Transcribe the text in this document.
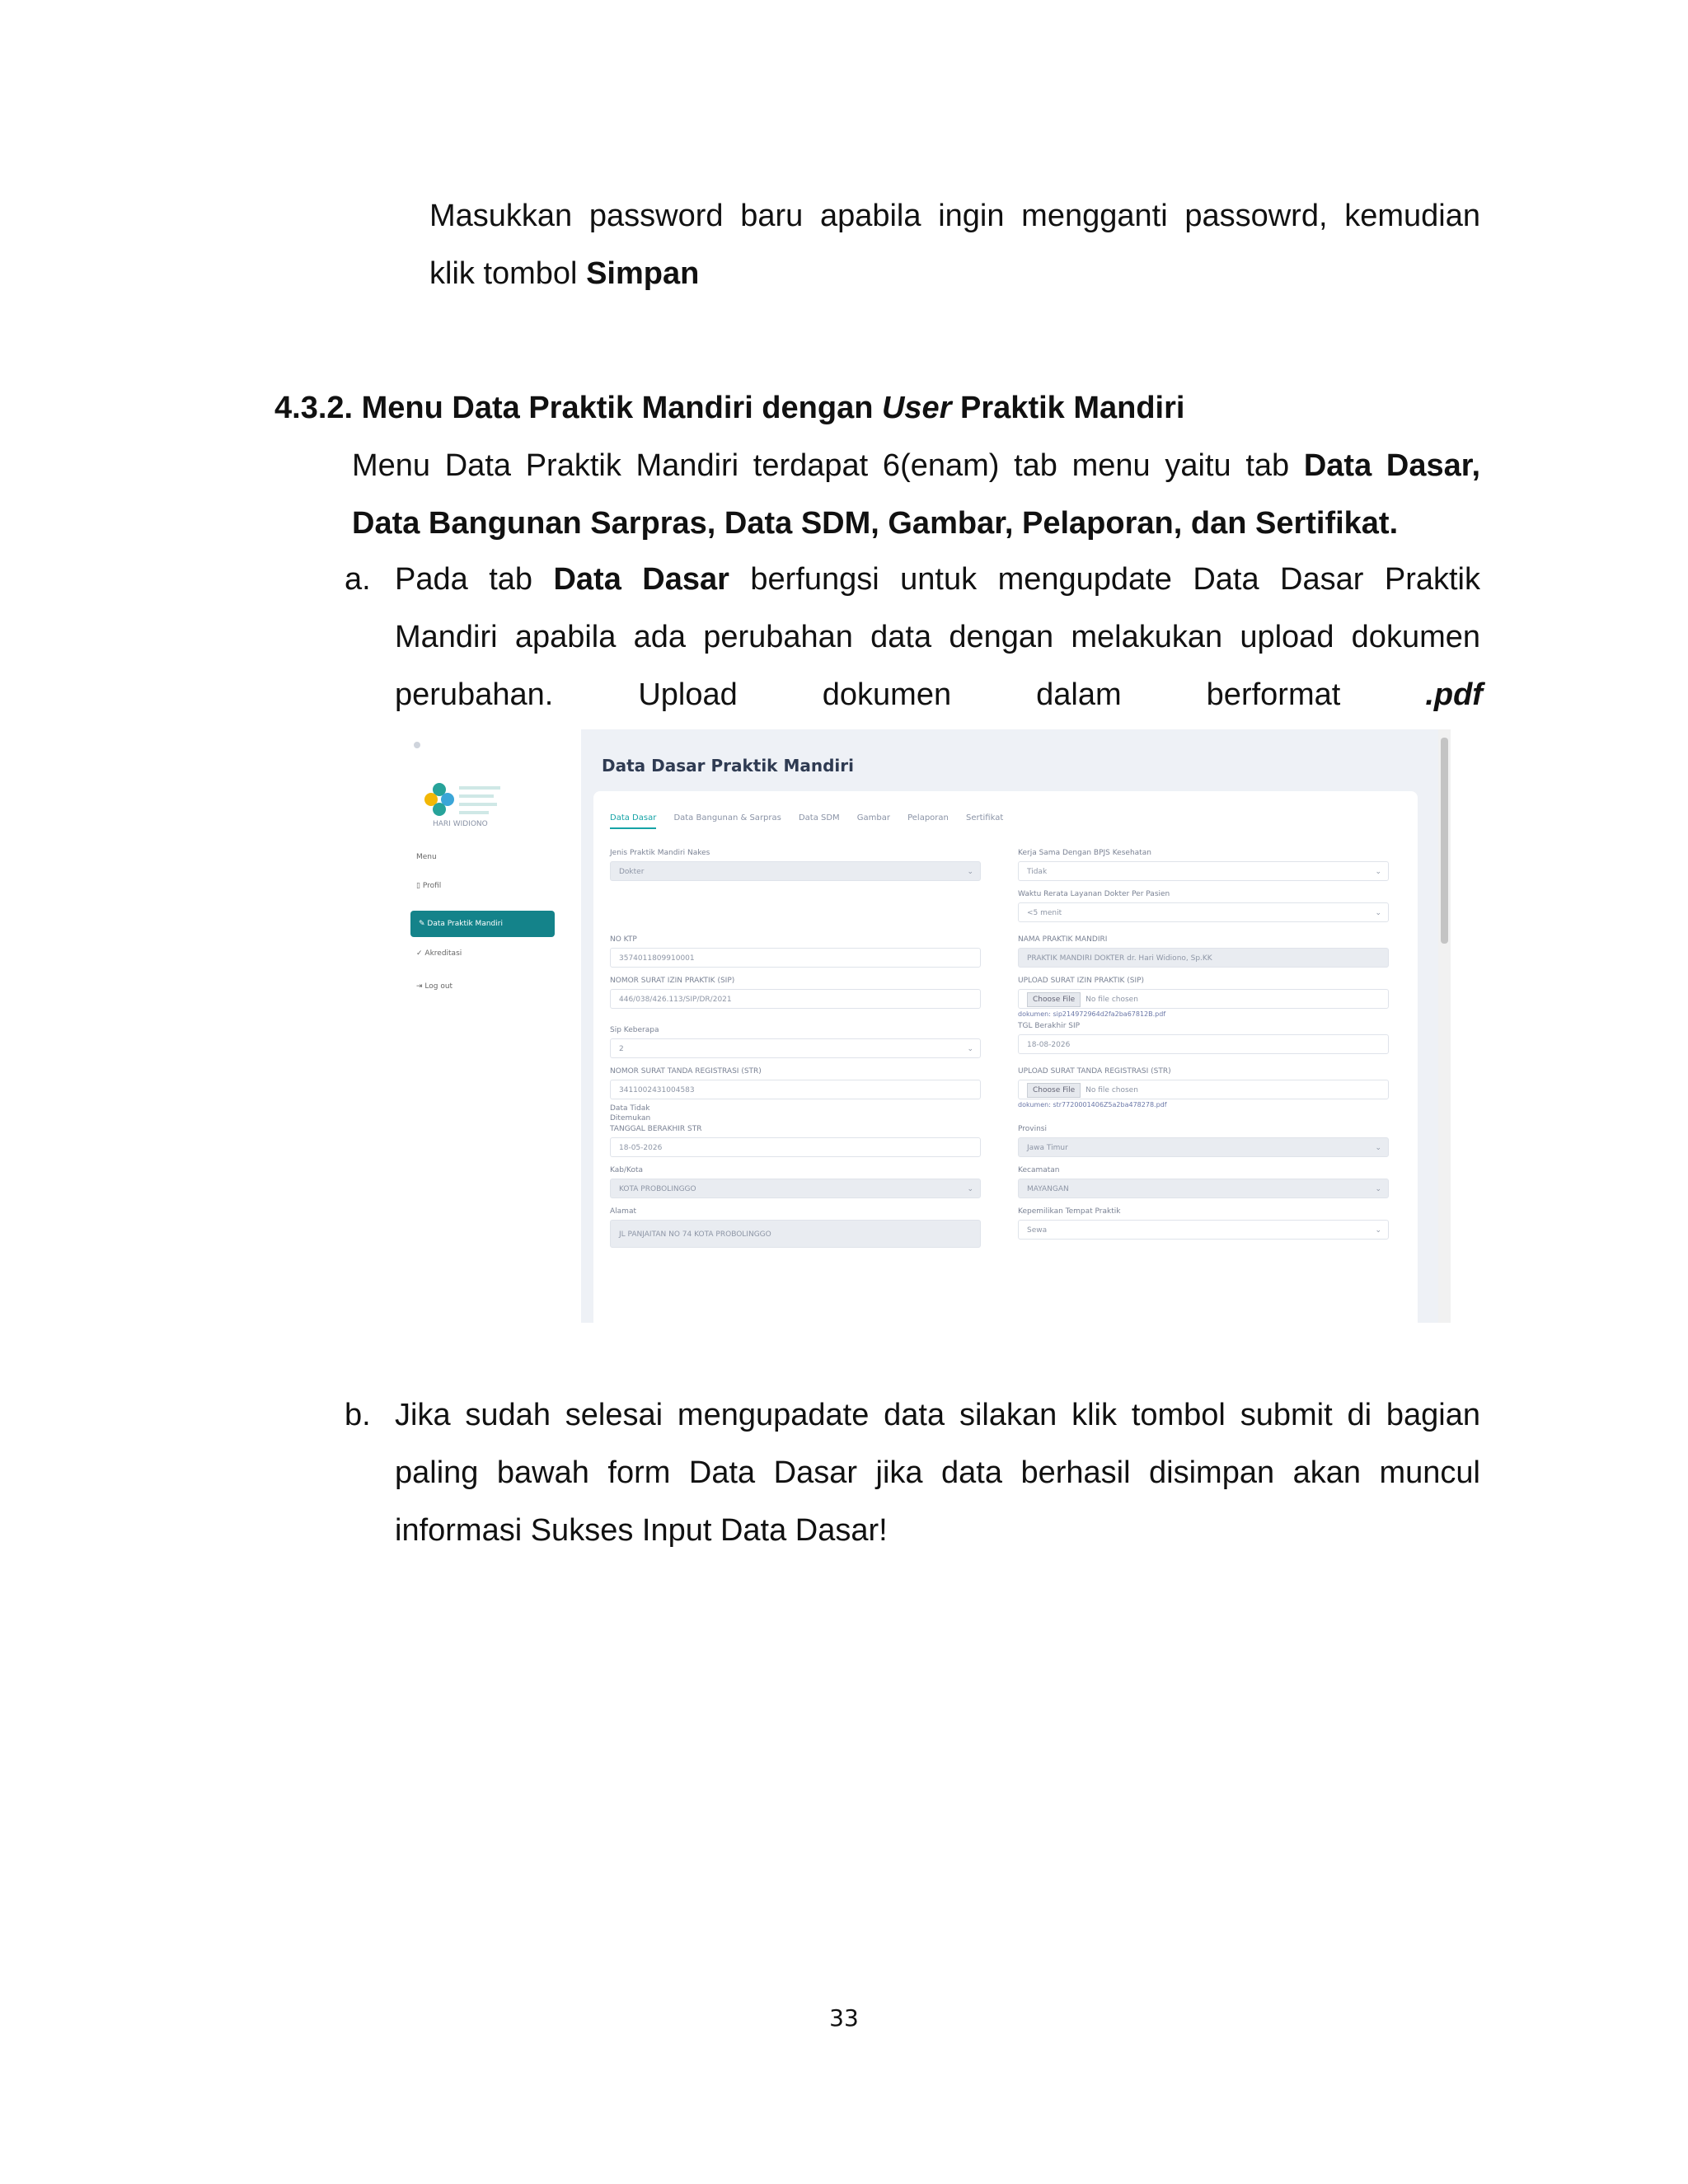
Masukkan password baru apabila ingin mengganti passowrd, kemudian
klik tombol Simpan
4.3.2. Menu Data Praktik Mandiri dengan User Praktik Mandiri
Menu Data Praktik Mandiri terdapat 6(enam) tab menu yaitu tab Data Dasar,
Data Bangunan Sarpras, Data SDM, Gambar, Pelaporan, dan Sertifikat.
a. Pada tab Data Dasar berfungsi untuk mengupdate Data Dasar Praktik
Mandiri apabila ada perubahan data dengan melakukan upload dokumen
perubahan.	Upload	dokumen	dalam	berformat	.pdf
HARI WIDIONO
Menu
▯ Profil
✎ Data Praktik Mandiri
✓ Akreditasi
⇥ Log out
Data Dasar Praktik Mandiri
Data Dasar Data Bangunan & Sarpras Data SDM Gambar Pelaporan Sertifikat
Jenis Praktik Mandiri Nakes
Dokter	⌄
NO KTP
3574011809910001
NOMOR SURAT IZIN PRAKTIK (SIP)
446/038/426.113/SIP/DR/2021
Sip Keberapa
2	⌄
NOMOR SURAT TANDA REGISTRASI (STR)
3411002431004583
Data Tidak
Ditemukan
TANGGAL BERAKHIR STR
18-05-2026
Kab/Kota
KOTA PROBOLINGGO	⌄
Alamat
JL PANJAITAN NO 74 KOTA PROBOLINGGO
Kerja Sama Dengan BPJS Kesehatan
Tidak	⌄
Waktu Rerata Layanan Dokter Per Pasien
<5 menit	⌄
NAMA PRAKTIK MANDIRI
PRAKTIK MANDIRI DOKTER dr. Hari Widiono, Sp.KK
UPLOAD SURAT IZIN PRAKTIK (SIP)
Choose File No file chosen
dokumen: sip214972964d2fa2ba67812B.pdf
TGL Berakhir SIP
18-08-2026
UPLOAD SURAT TANDA REGISTRASI (STR)
Choose File No file chosen
dokumen: str7720001406Z5a2ba478278.pdf
Provinsi
Jawa Timur	⌄
Kecamatan
MAYANGAN	⌄
Kepemilikan Tempat Praktik
Sewa	⌄
b. Jika sudah selesai mengupadate data silakan klik tombol submit di bagian
paling bawah form Data Dasar jika data berhasil disimpan akan muncul
informasi Sukses Input Data Dasar!
33
